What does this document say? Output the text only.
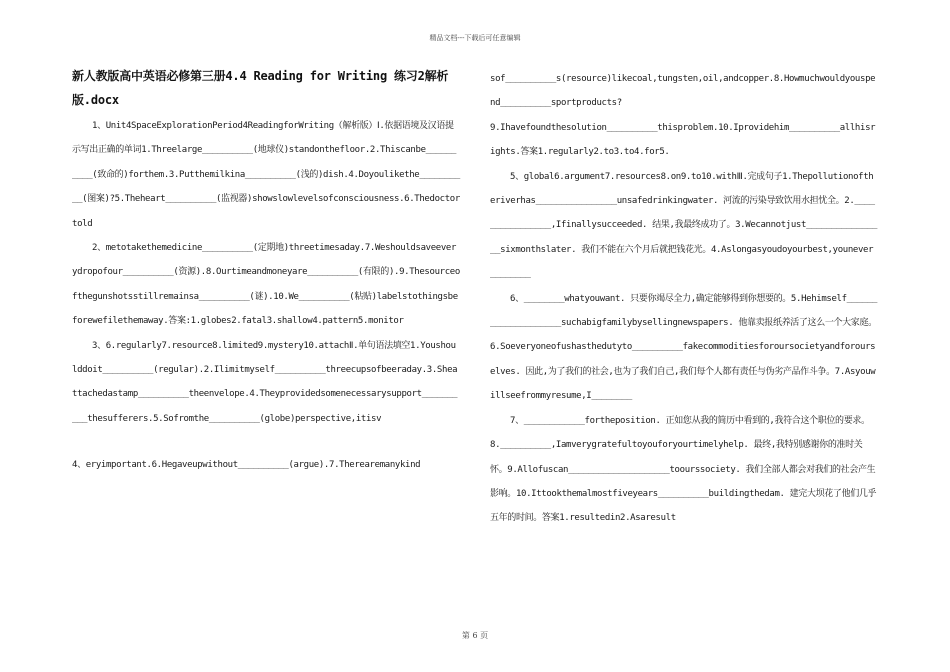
精品文档---下载后可任意编辑
新人教版高中英语必修第三册4.4 Reading for Writing 练习2解析版.docx

1、Unit4SpaceExplorationPeriod4ReadingforWriting（解析版）Ⅰ.依据语境及汉语提示写出正确的单词1.Threelarge__________(地球仪)standonthefloor.2.Thiscanbe__________(致命的)forthem.3.Putthemilkina__________(浅的)dish.4.Doyoulikethe__________(图案)?5.Theheart__________(监视器)showslowlevelsofconsciousness.6.Thedoctortold

2、metotakethemedicine__________(定期地)threetimesaday.7.Weshouldsaveeverydropofour__________(资源).8.Ourtimeandmoneyare__________(有限的).9.Thesourceofthegunshotsstillremainsa__________(谜).10.We__________(粘贴)labelstothingsbeforewefilethemaway.答案:1.globes2.fatal3.shallow4.pattern5.monitor

3、6.regularly7.resource8.limited9.mystery10.attachⅡ.单句语法填空1.Youshoulddoit__________(regular).2.Ilimitmyself__________threecupsofbeeraday.3.Sheattachedastamp__________theenvelope.4.Theyprovidedsomenecessarysupport__________thesufferers.5.Sofromthe__________(globe)perspective,itisv

4、eryimportant.6.Hegaveupwithout__________(argue).7.Therearemanykind

sof__________s(resource)likecoal,tungsten,oil,andcopper.8.Howmuchwouldyouspend__________sportproducts?

9.Ihavefoundthesolution__________thisproblem.10.Iprovidehim__________allhisrights.答案1.regularly2.to3.to4.for5.

5、global6.argument7.resources8.on9.to10.withⅢ.完成句子1.Thepollutionoftheriverhas________________unsafedrinkingwater. 河流的污染导致饮用水担忧全。2.________________,Ifinallysucceeded. 结果,我最终成功了。3.Wecannotjust________________sixmonthslater. 我们不能在六个月后就把钱花光。4.Aslongasyoudoyourbest,younever________

6、________whatyouwant. 只要你竭尽全力,确定能够得到你想要的。5.Hehimself____________________suchabigfamilybysellingnewspapers. 他靠卖报纸养活了这么一个大家庭。6.Soeveryoneofushasthedutyto__________fakecommoditiesforoursocietyandforourselves. 因此,为了我们的社会,也为了我们自己,我们每个人都有责任与伪劣产品作斗争。7.Asyouwillseefrommyresume,I________

7、____________fortheposition. 正如您从我的简历中看到的,我符合这个职位的要求。8.__________,Iamverygratefultoyouforyourtimelyhelp. 最终,我特别感谢你的准时关怀。9.Allofuscan____________________toourssociety. 我们全部人都会对我们的社会产生影响。10.Ittookthemalmostfiveyears__________buildingthedam. 建完大坝花了他们几乎五年的时间。答案1.resultedin2.Asaresult

第 6 页
